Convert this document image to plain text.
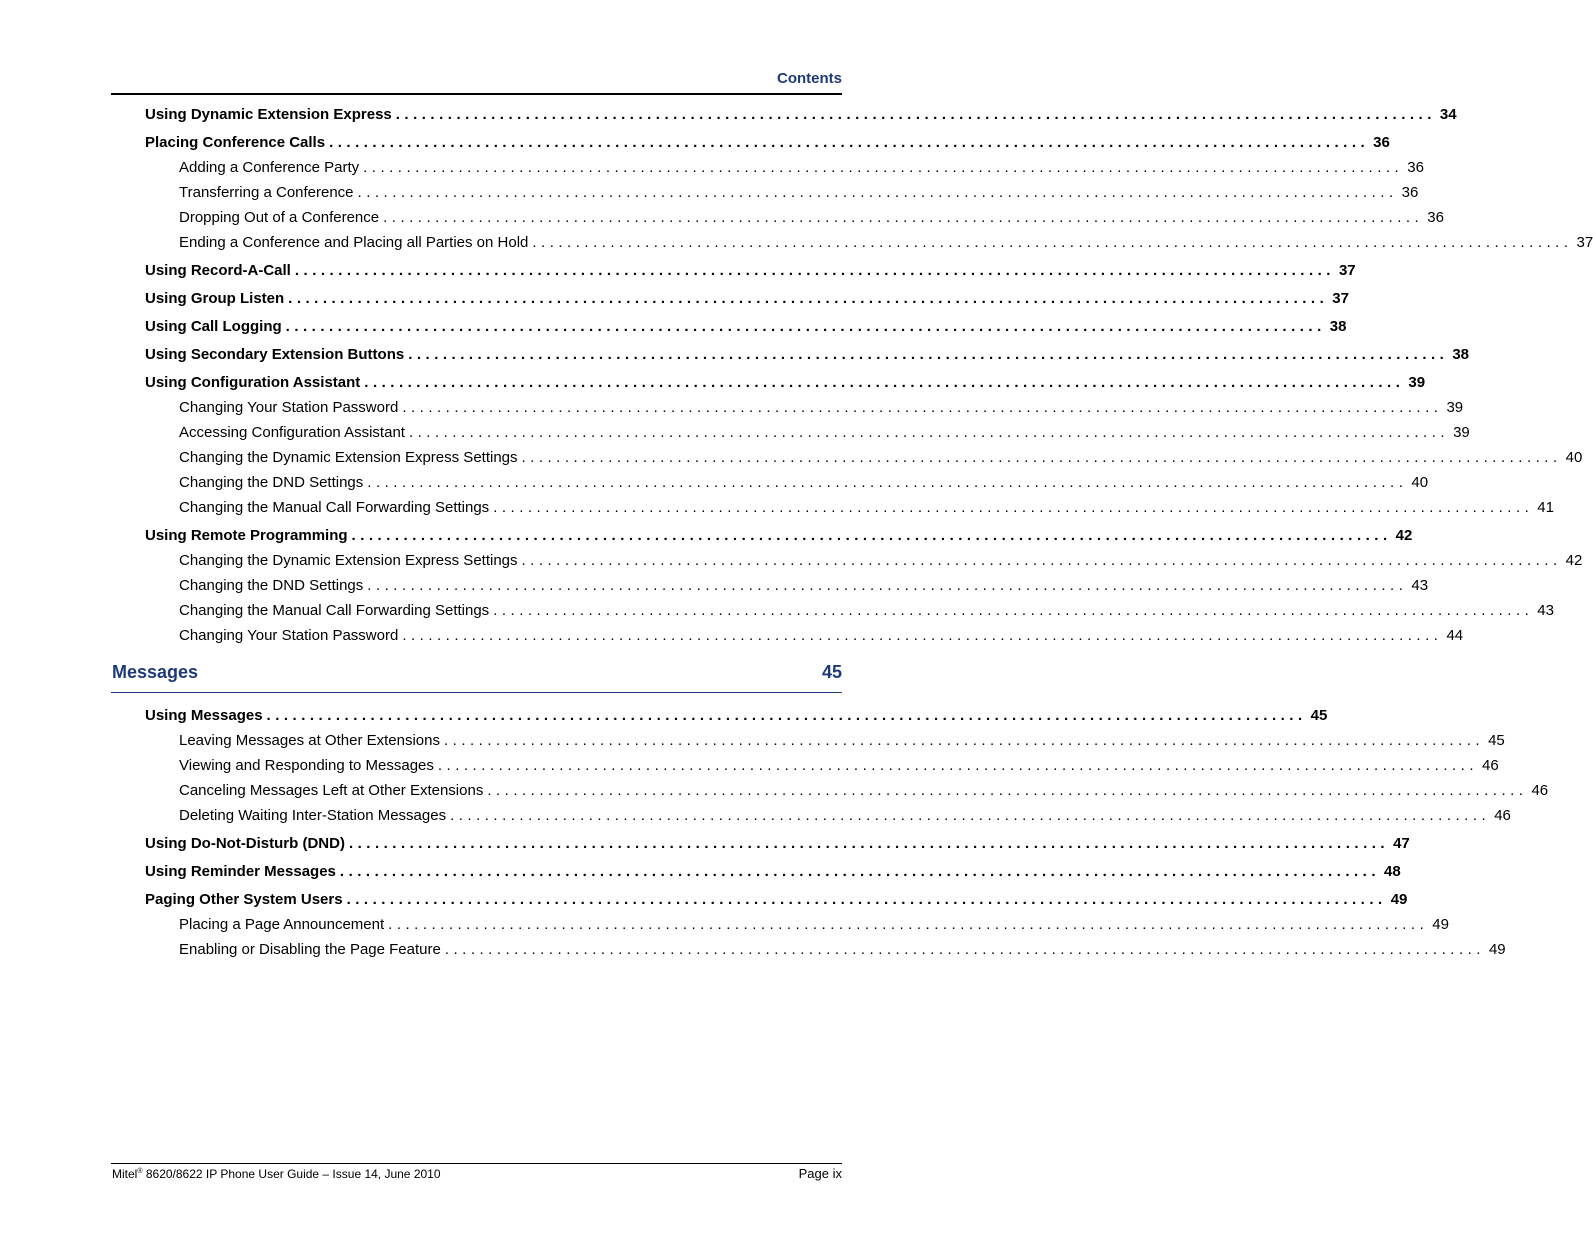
Contents
Using Dynamic Extension Express ........................................................................................................................ 34
Placing Conference Calls ........................................................................................................................ 36
Adding a Conference Party ........................................................................................................................ 36
Transferring a Conference ........................................................................................................................ 36
Dropping Out of a Conference ........................................................................................................................ 36
Ending a Conference and Placing all Parties on Hold ........................................................................................................................ 37
Using Record-A-Call ........................................................................................................................ 37
Using Group Listen ........................................................................................................................ 37
Using Call Logging ........................................................................................................................ 38
Using Secondary Extension Buttons ........................................................................................................................ 38
Using Configuration Assistant ........................................................................................................................ 39
Changing Your Station Password ........................................................................................................................ 39
Accessing Configuration Assistant ........................................................................................................................ 39
Changing the Dynamic Extension Express Settings ........................................................................................................................ 40
Changing the DND Settings ........................................................................................................................ 40
Changing the Manual Call Forwarding Settings ........................................................................................................................ 41
Using Remote Programming ........................................................................................................................ 42
Changing the Dynamic Extension Express Settings ........................................................................................................................ 42
Changing the DND Settings ........................................................................................................................ 43
Changing the Manual Call Forwarding Settings ........................................................................................................................ 43
Changing Your Station Password ........................................................................................................................ 44
Messages	45
Using Messages ........................................................................................................................ 45
Leaving Messages at Other Extensions ........................................................................................................................ 45
Viewing and Responding to Messages ........................................................................................................................ 46
Canceling Messages Left at Other Extensions ........................................................................................................................ 46
Deleting Waiting Inter-Station Messages ........................................................................................................................ 46
Using Do-Not-Disturb (DND) ........................................................................................................................ 47
Using Reminder Messages ........................................................................................................................ 48
Paging Other System Users ........................................................................................................................ 49
Placing a Page Announcement ........................................................................................................................ 49
Enabling or Disabling the Page Feature ........................................................................................................................ 49
Mitel® 8620/8622 IP Phone User Guide – Issue 14, June 2010	Page ix
